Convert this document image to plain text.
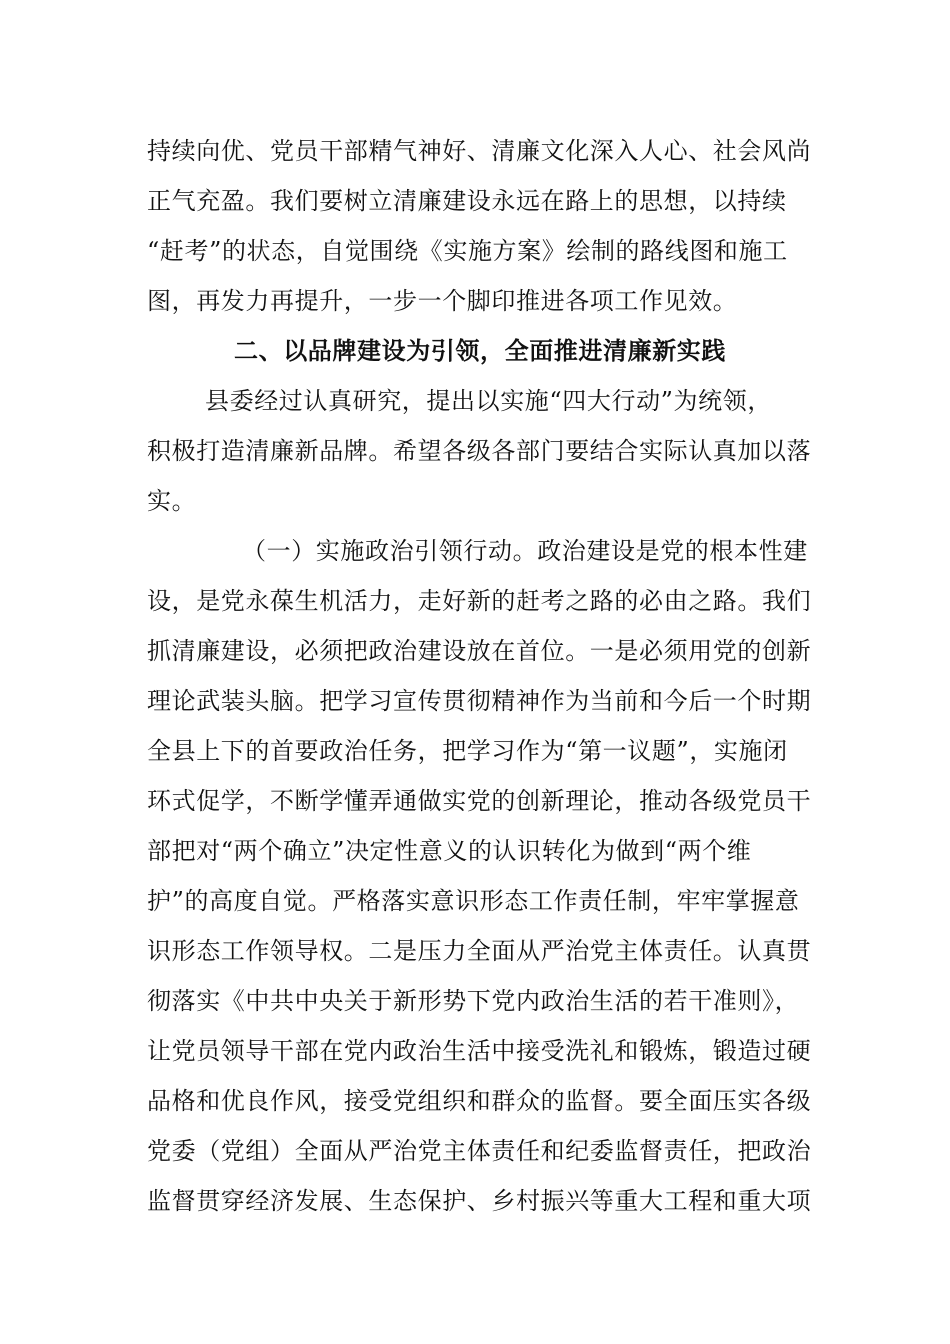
持续向优、党员干部精气神好、清廉文化深入人心、社会风尚
正气充盈。我们要树立清廉建设永远在路上的思想，以持续
“赶考”的状态，自觉围绕《实施方案》绘制的路线图和施工
图，再发力再提升，一步一个脚印推进各项工作见效。
二、以品牌建设为引领，全面推进清廉新实践
县委经过认真研究，提出以实施“四大行动”为统领，
积极打造清廉新品牌。希望各级各部门要结合实际认真加以落
实。
（一）实施政治引领行动。政治建设是党的根本性建
设，是党永葆生机活力，走好新的赶考之路的必由之路。我们
抓清廉建设，必须把政治建设放在首位。一是必须用党的创新
理论武装头脑。把学习宣传贯彻精神作为当前和今后一个时期
全县上下的首要政治任务，把学习作为“第一议题”，实施闭
环式促学，不断学懂弄通做实党的创新理论，推动各级党员干
部把对“两个确立”决定性意义的认识转化为做到“两个维
护”的高度自觉。严格落实意识形态工作责任制，牢牢掌握意
识形态工作领导权。二是压力全面从严治党主体责任。认真贯
彻落实《中共中央关于新形势下党内政治生活的若干准则》，
让党员领导干部在党内政治生活中接受洗礼和锻炼，锻造过硬
品格和优良作风，接受党组织和群众的监督。要全面压实各级
党委（党组）全面从严治党主体责任和纪委监督责任，把政治
监督贯穿经济发展、生态保护、乡村振兴等重大工程和重大项
